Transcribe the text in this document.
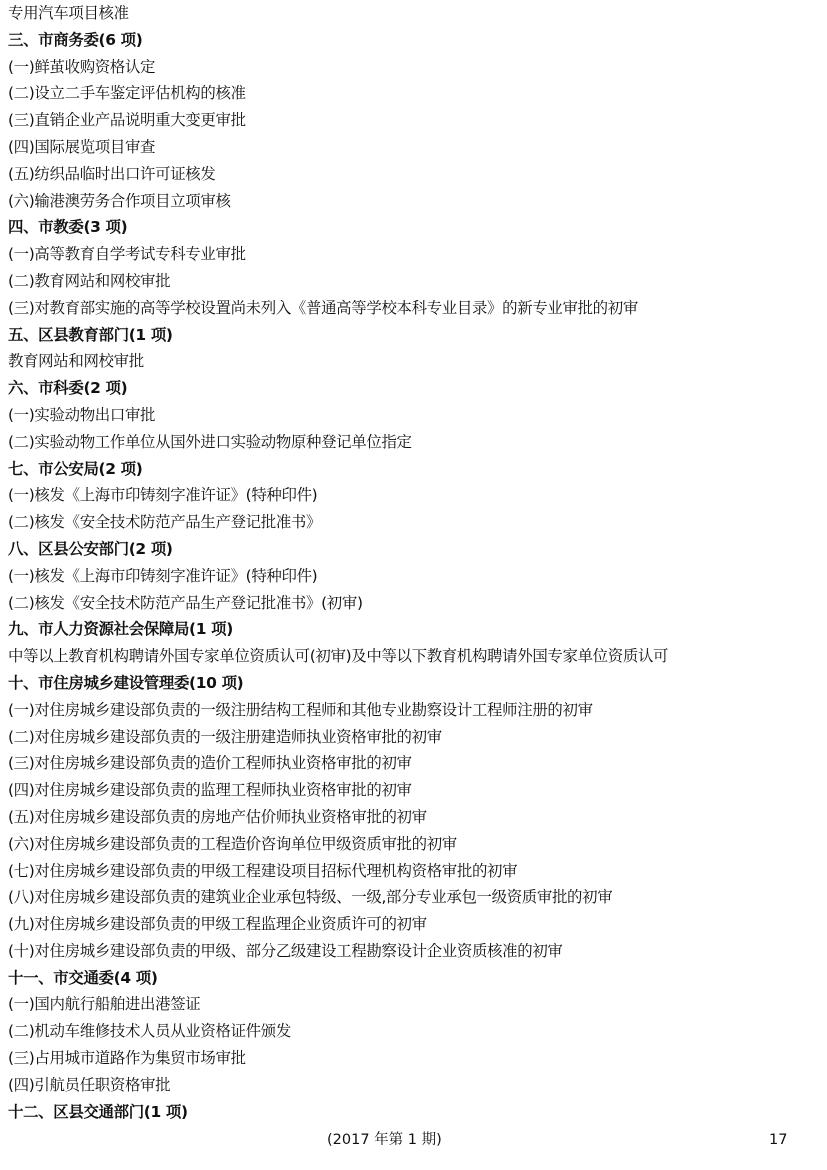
专用汽车项目核准
三、市商务委(6 项)
(一)鲜茧收购资格认定
(二)设立二手车鉴定评估机构的核准
(三)直销企业产品说明重大变更审批
(四)国际展览项目审查
(五)纺织品临时出口许可证核发
(六)输港澳劳务合作项目立项审核
四、市教委(3 项)
(一)高等教育自学考试专科专业审批
(二)教育网站和网校审批
(三)对教育部实施的高等学校设置尚未列入《普通高等学校本科专业目录》的新专业审批的初审
五、区县教育部门(1 项)
教育网站和网校审批
六、市科委(2 项)
(一)实验动物出口审批
(二)实验动物工作单位从国外进口实验动物原种登记单位指定
七、市公安局(2 项)
(一)核发《上海市印铸刻字准许证》(特种印件)
(二)核发《安全技术防范产品生产登记批准书》
八、区县公安部门(2 项)
(一)核发《上海市印铸刻字准许证》(特种印件)
(二)核发《安全技术防范产品生产登记批准书》(初审)
九、市人力资源社会保障局(1 项)
中等以上教育机构聘请外国专家单位资质认可(初审)及中等以下教育机构聘请外国专家单位资质认可
十、市住房城乡建设管理委(10 项)
(一)对住房城乡建设部负责的一级注册结构工程师和其他专业勘察设计工程师注册的初审
(二)对住房城乡建设部负责的一级注册建造师执业资格审批的初审
(三)对住房城乡建设部负责的造价工程师执业资格审批的初审
(四)对住房城乡建设部负责的监理工程师执业资格审批的初审
(五)对住房城乡建设部负责的房地产估价师执业资格审批的初审
(六)对住房城乡建设部负责的工程造价咨询单位甲级资质审批的初审
(七)对住房城乡建设部负责的甲级工程建设项目招标代理机构资格审批的初审
(八)对住房城乡建设部负责的建筑业企业承包特级、一级,部分专业承包一级资质审批的初审
(九)对住房城乡建设部负责的甲级工程监理企业资质许可的初审
(十)对住房城乡建设部负责的甲级、部分乙级建设工程勘察设计企业资质核准的初审
十一、市交通委(4 项)
(一)国内航行船舶进出港签证
(二)机动车维修技术人员从业资格证件颁发
(三)占用城市道路作为集贸市场审批
(四)引航员任职资格审批
十二、区县交通部门(1 项)
(2017 年第 1 期)	17
